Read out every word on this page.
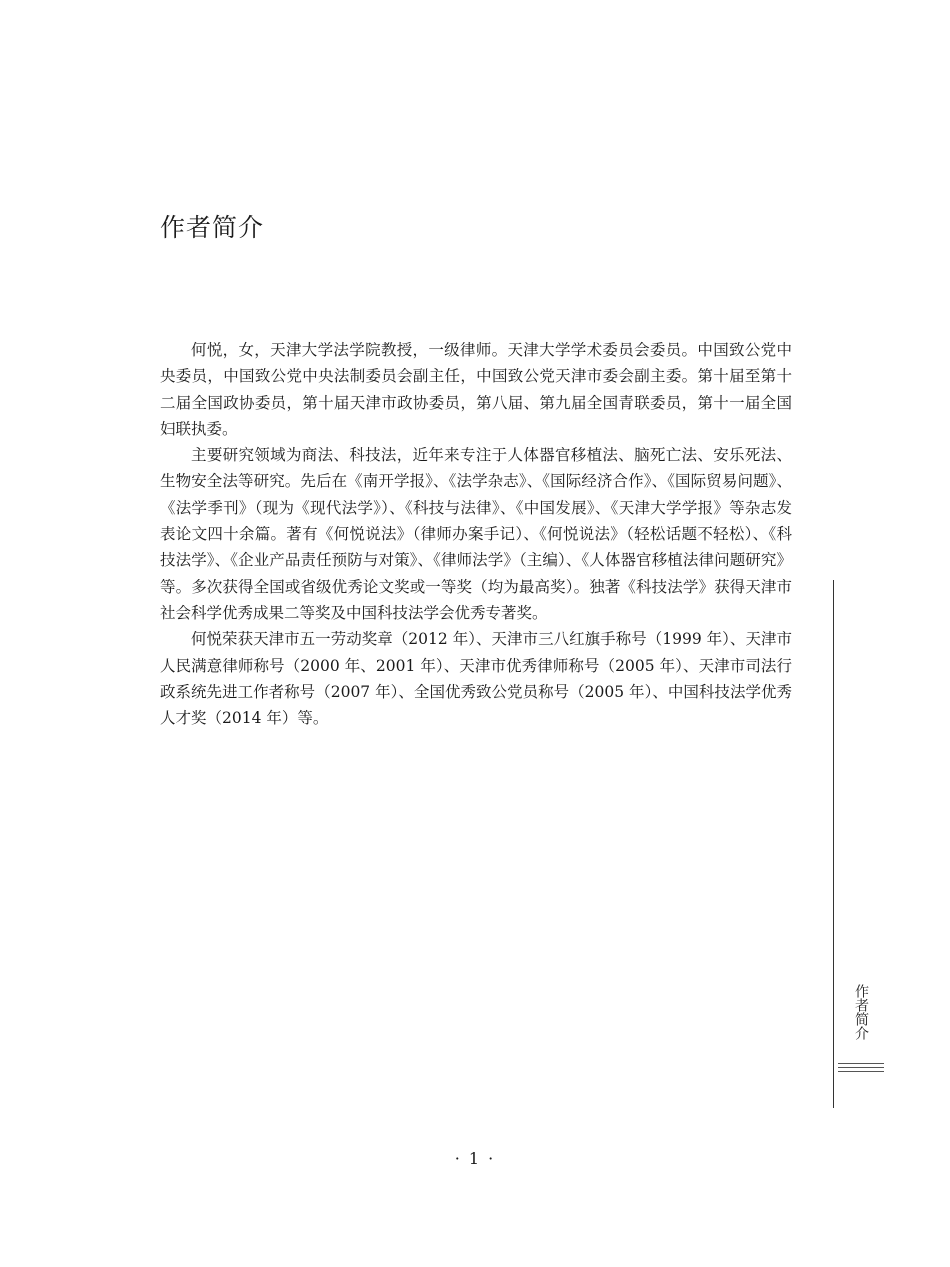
作者简介

何悦，女，天津大学法学院教授，一级律师。天津大学学术委员会委员。中国致公党中央委员，中国致公党中央法制委员会副主任，中国致公党天津市委会副主委。第十届至第十二届全国政协委员，第十届天津市政协委员，第八届、第九届全国青联委员，第十一届全国妇联执委。

主要研究领域为商法、科技法，近年来专注于人体器官移植法、脑死亡法、安乐死法、生物安全法等研究。先后在《南开学报》、《法学杂志》、《国际经济合作》、《国际贸易问题》、《法学季刊》（现为《现代法学》）、《科技与法律》、《中国发展》、《天津大学学报》等杂志发表论文四十余篇。著有《何悦说法》（律师办案手记）、《何悦说法》（轻松话题不轻松）、《科技法学》、《企业产品责任预防与对策》、《律师法学》（主编）、《人体器官移植法律问题研究》等。多次获得全国或省级优秀论文奖或一等奖（均为最高奖）。独著《科技法学》获得天津市社会科学优秀成果二等奖及中国科技法学会优秀专著奖。

何悦荣获天津市五一劳动奖章（2012 年）、天津市三八红旗手称号（1999 年）、天津市人民满意律师称号（2000 年、2001 年）、天津市优秀律师称号（2005 年）、天津市司法行政系统先进工作者称号（2007 年）、全国优秀致公党员称号（2005 年）、中国科技法学优秀人才奖（2014 年）等。

作者简介
· 1 ·
